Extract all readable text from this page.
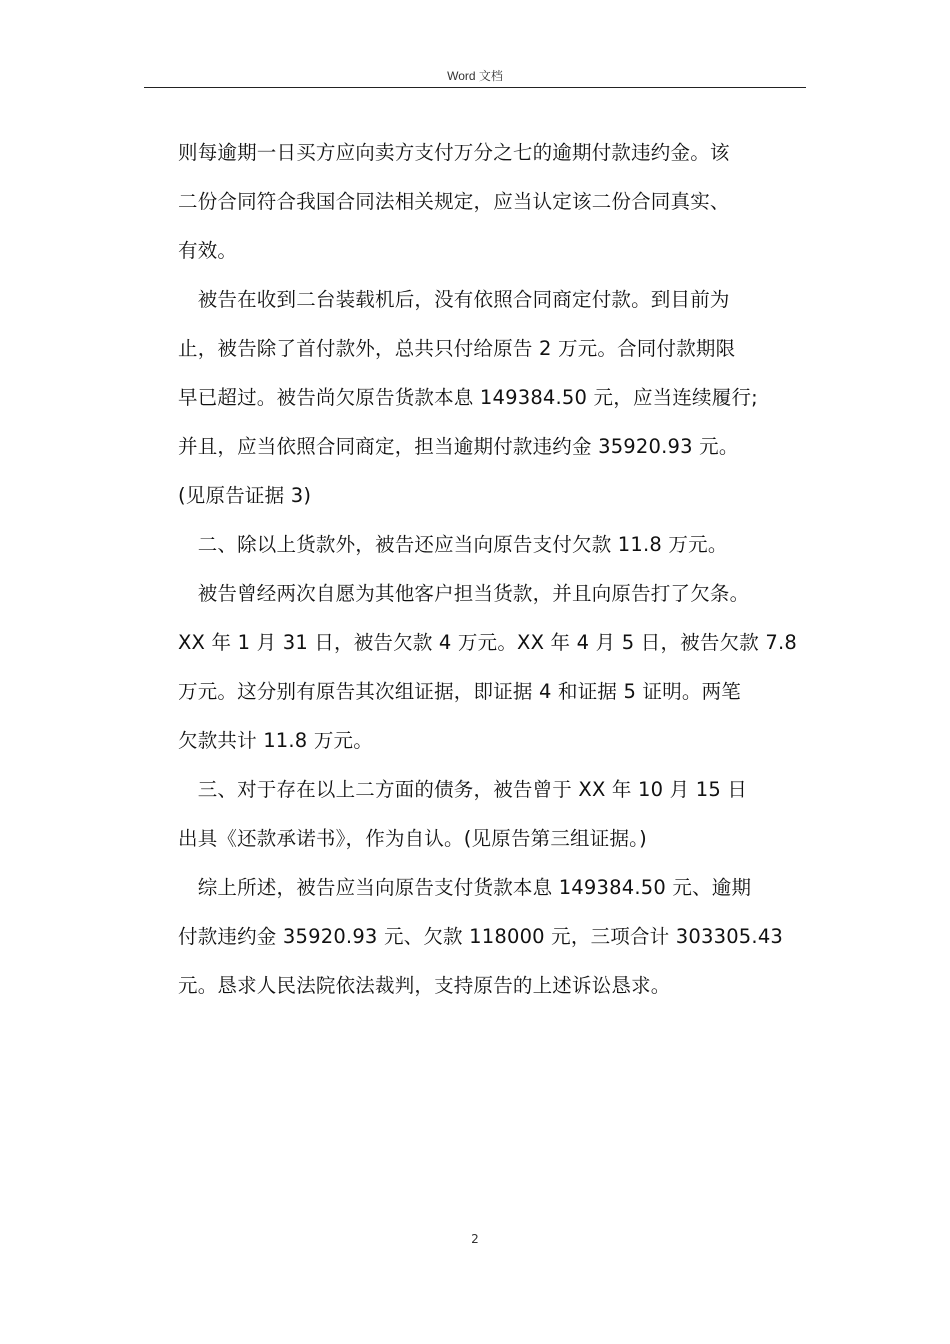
Word 文档

则每逾期一日买方应向卖方支付万分之七的逾期付款违约金。该

二份合同符合我国合同法相关规定，应当认定该二份合同真实、

有效。

　被告在收到二台装载机后，没有依照合同商定付款。到目前为

止，被告除了首付款外，总共只付给原告 2 万元。合同付款期限

早已超过。被告尚欠原告货款本息 149384.50 元，应当连续履行;

并且，应当依照合同商定，担当逾期付款违约金 35920.93 元。

(见原告证据 3)

　二、除以上货款外，被告还应当向原告支付欠款 11.8 万元。

　被告曾经两次自愿为其他客户担当货款，并且向原告打了欠条。

XX 年 1 月 31 日，被告欠款 4 万元。XX 年 4 月 5 日，被告欠款 7.8

万元。这分别有原告其次组证据，即证据 4 和证据 5 证明。两笔

欠款共计 11.8 万元。

　三、对于存在以上二方面的债务，被告曾于 XX 年 10 月 15 日

出具《还款承诺书》，作为自认。(见原告第三组证据。)

　综上所述，被告应当向原告支付货款本息 149384.50 元、逾期

付款违约金 35920.93 元、欠款 118000 元，三项合计 303305.43

元。恳求人民法院依法裁判，支持原告的上述诉讼恳求。

2
